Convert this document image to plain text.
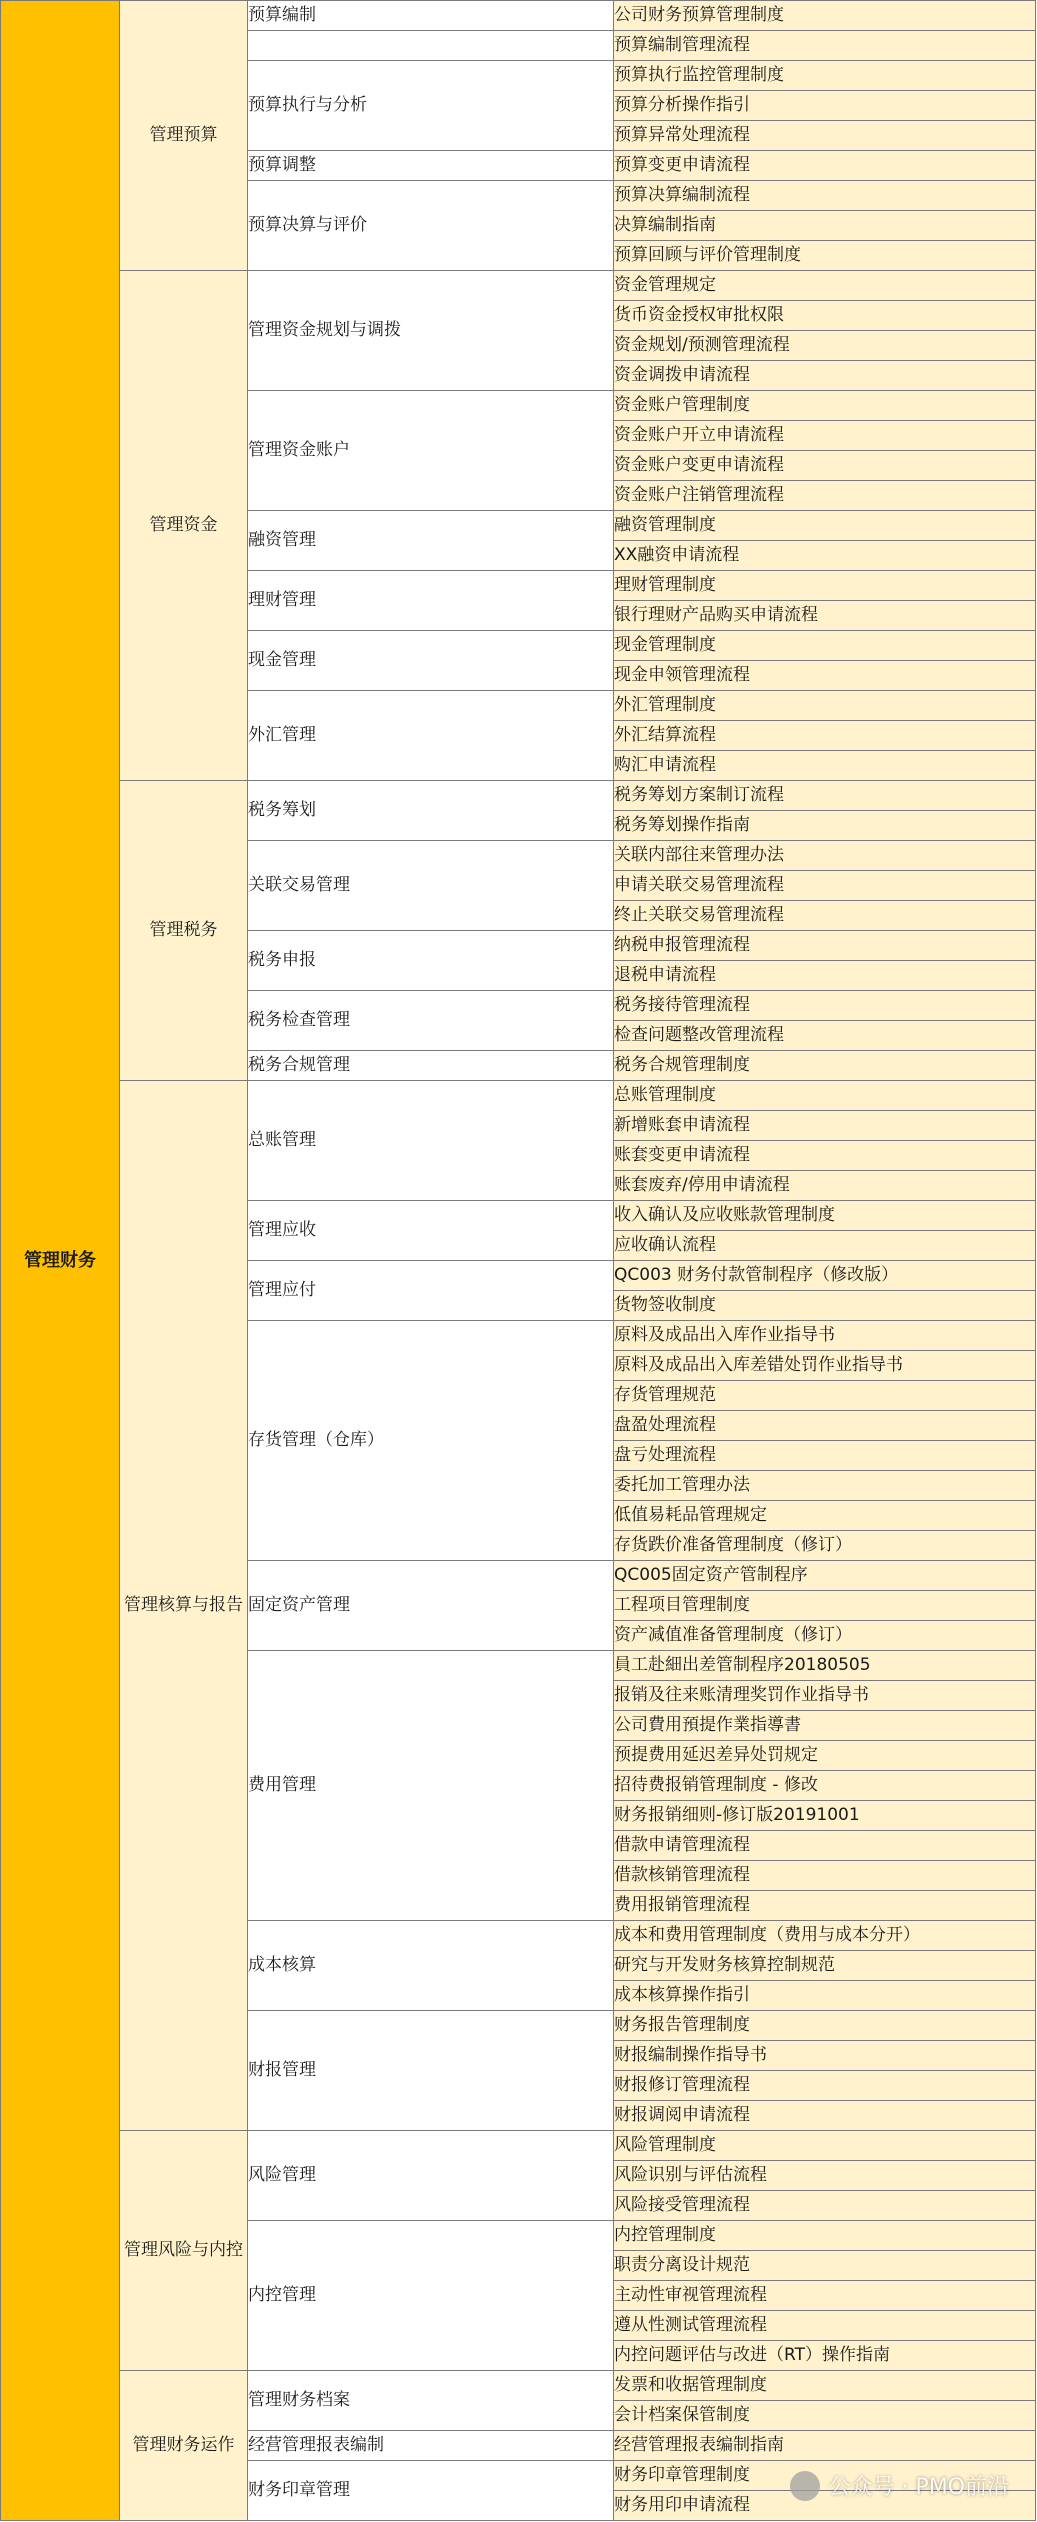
管理财务	管理预算	预算编制	公司财务预算管理制度
			预算编制管理流程
		预算执行与分析	预算执行监控管理制度
			预算分析操作指引
			预算异常处理流程
		预算调整	预算变更申请流程
		预算决算与评价	预算决算编制流程
			决算编制指南
			预算回顾与评价管理制度
	管理资金	管理资金规划与调拨	资金管理规定
			货币资金授权审批权限
			资金规划/预测管理流程
			资金调拨申请流程
		管理资金账户	资金账户管理制度
			资金账户开立申请流程
			资金账户变更申请流程
			资金账户注销管理流程
		融资管理	融资管理制度
			XX融资申请流程
		理财管理	理财管理制度
			银行理财产品购买申请流程
		现金管理	现金管理制度
			现金申领管理流程
		外汇管理	外汇管理制度
			外汇结算流程
			购汇申请流程
	管理税务	税务筹划	税务筹划方案制订流程
			税务筹划操作指南
		关联交易管理	关联内部往来管理办法
			申请关联交易管理流程
			终止关联交易管理流程
		税务申报	纳税申报管理流程
			退税申请流程
		税务检查管理	税务接待管理流程
			检查问题整改管理流程
		税务合规管理	税务合规管理制度
	管理核算与报告	总账管理	总账管理制度
			新增账套申请流程
			账套变更申请流程
			账套废弃/停用申请流程
		管理应收	收入确认及应收账款管理制度
			应收确认流程
		管理应付	QC003 财务付款管制程序（修改版）
			货物签收制度
		存货管理（仓库）	原料及成品出入库作业指导书
			原料及成品出入库差错处罚作业指导书
			存货管理规范
			盘盈处理流程
			盘亏处理流程
			委托加工管理办法
			低值易耗品管理规定
			存货跌价准备管理制度（修订）
		固定资产管理	QC005固定资产管制程序
			工程项目管理制度
			资产减值准备管理制度（修订）
		费用管理	員工赴細出差管制程序20180505
			报销及往来账清理奖罚作业指导书
			公司費用預提作業指導書
			预提费用延迟差异处罚规定
			招待费报销管理制度 - 修改
			财务报销细则-修订版20191001
			借款申请管理流程
			借款核销管理流程
			费用报销管理流程
		成本核算	成本和费用管理制度（费用与成本分开）
			研究与开发财务核算控制规范
			成本核算操作指引
		财报管理	财务报告管理制度
			财报编制操作指导书
			财报修订管理流程
			财报调阅申请流程
	管理风险与内控	风险管理	风险管理制度
			风险识别与评估流程
			风险接受管理流程
		内控管理	内控管理制度
			职责分离设计规范
			主动性审视管理流程
			遵从性测试管理流程
			内控问题评估与改进（RT）操作指南
	管理财务运作	管理财务档案	发票和收据管理制度
			会计档案保管制度
		经营管理报表编制	经营管理报表编制指南
		财务印章管理	财务印章管理制度
			财务用印申请流程
公众号 · PMO前沿
